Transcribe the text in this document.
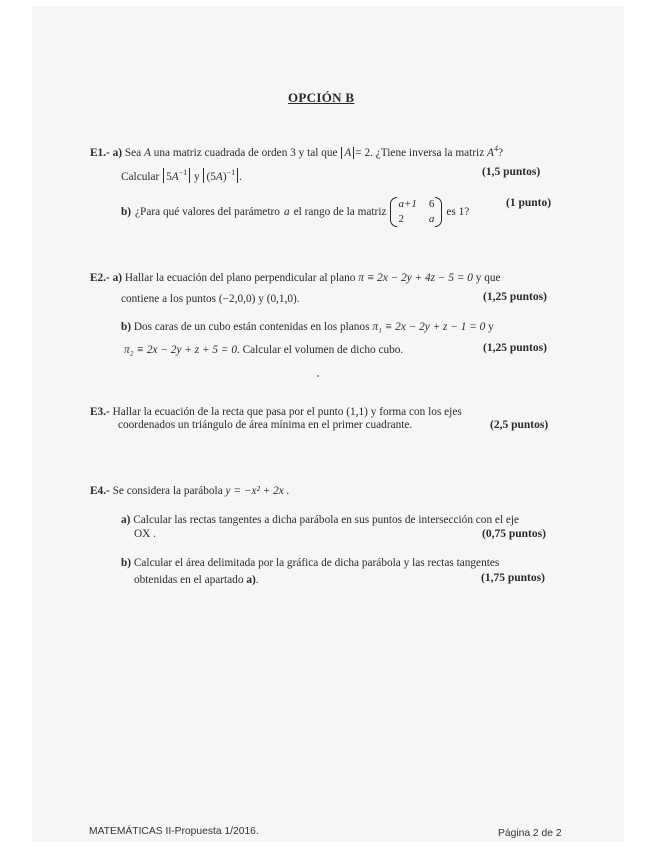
OPCIÓN B
E1.- a) Sea A una matriz cuadrada de orden 3 y tal que A = 2. ¿Tiene inversa la matriz $A^4$?
Calcular $5A^{-1}$ y $(5A)^{-1}$ .	(1,5 puntos)
b) ¿Para qué valores del parámetro a el rango de la matriz
a+1 6
2 a
es 1?
(1 punto)
E2.- a) Hallar la ecuación del plano perpendicular al plano π ≡ 2x − 2y + 4z − 5 = 0 y que
contiene a los puntos (−2,0,0) y (0,1,0).	(1,25 puntos)
b) Dos caras de un cubo están contenidas en los planos π₁ ≡ 2x − 2y + z − 1 = 0 y
π₂ ≡ 2x − 2y + z + 5 = 0. Calcular el volumen de dicho cubo.	(1,25 puntos)
E3.- Hallar la ecuación de la recta que pasa por el punto (1,1) y forma con los ejes
coordenados un triángulo de área mínima en el primer cuadrante.	(2,5 puntos)
E4.- Se considera la parábola y = −x² + 2x .
a) Calcular las rectas tangentes a dicha parábola en sus puntos de intersección con el eje
OX .	(0,75 puntos)
b) Calcular el área delimitada por la gráfica de dicha parábola y las rectas tangentes
obtenidas en el apartado a).	(1,75 puntos)
MATEMÁTICAS II-Propuesta 1/2016.	Página 2 de 2
